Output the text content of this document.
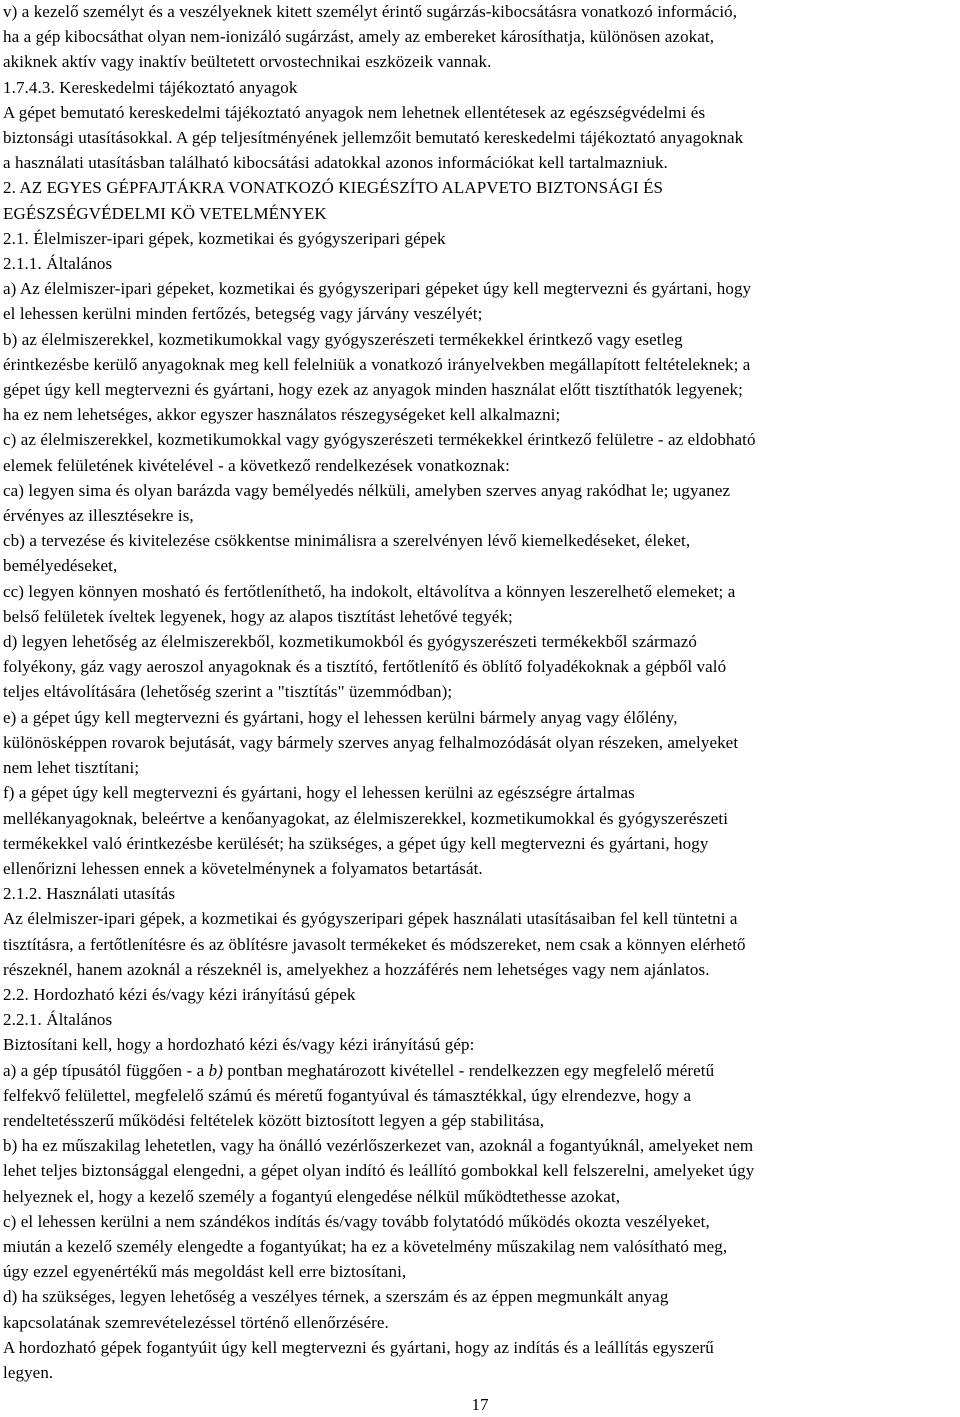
v) a kezelő személyt és a veszélyeknek kitett személyt érintő sugárzás-kibocsátásra vonatkozó információ,

ha a gép kibocsáthat olyan nem-ionizáló sugárzást, amely az embereket károsíthatja, különösen azokat,

akiknek aktív vagy inaktív beültetett orvostechnikai eszközeik vannak.

1.7.4.3. Kereskedelmi tájékoztató anyagok

A gépet bemutató kereskedelmi tájékoztató anyagok nem lehetnek ellentétesek az egészségvédelmi és

biztonsági utasításokkal. A gép teljesítményének jellemzőit bemutató kereskedelmi tájékoztató anyagoknak

a használati utasításban található kibocsátási adatokkal azonos információkat kell tartalmazniuk.

2. AZ EGYES GÉPFAJTÁKRA VONATKOZÓ KIEGÉSZÍTO ALAPVETO BIZTONSÁGI ÉS

EGÉSZSÉGVÉDELMI KÖ VETELMÉNYEK

2.1. Élelmiszer-ipari gépek, kozmetikai és gyógyszeripari gépek

2.1.1. Általános

a) Az élelmiszer-ipari gépeket, kozmetikai és gyógyszeripari gépeket úgy kell megtervezni és gyártani, hogy

el lehessen kerülni minden fertőzés, betegség vagy járvány veszélyét;

b) az élelmiszerekkel, kozmetikumokkal vagy gyógyszerészeti termékekkel érintkező vagy esetleg

érintkezésbe kerülő anyagoknak meg kell felelniük a vonatkozó irányelvekben megállapított feltételeknek; a

gépet úgy kell megtervezni és gyártani, hogy ezek az anyagok minden használat előtt tisztíthatók legyenek;

ha ez nem lehetséges, akkor egyszer használatos részegységeket kell alkalmazni;

c) az élelmiszerekkel, kozmetikumokkal vagy gyógyszerészeti termékekkel érintkező felületre - az eldobható

elemek felületének kivételével - a következő rendelkezések vonatkoznak:

ca) legyen sima és olyan barázda vagy bemélyedés nélküli, amelyben szerves anyag rakódhat le; ugyanez

érvényes az illesztésekre is,

cb) a tervezése és kivitelezése csökkentse minimálisra a szerelvényen lévő kiemelkedéseket, éleket,

bemélyedéseket,

cc) legyen könnyen mosható és fertőtleníthető, ha indokolt, eltávolítva a könnyen leszerelhető elemeket; a

belső felületek íveltek legyenek, hogy az alapos tisztítást lehetővé tegyék;

d) legyen lehetőség az élelmiszerekből, kozmetikumokból és gyógyszerészeti termékekből származó

folyékony, gáz vagy aeroszol anyagoknak és a tisztító, fertőtlenítő és öblítő folyadékoknak a gépből való

teljes eltávolítására (lehetőség szerint a "tisztítás" üzemmódban);

e) a gépet úgy kell megtervezni és gyártani, hogy el lehessen kerülni bármely anyag vagy élőlény,

különösképpen rovarok bejutását, vagy bármely szerves anyag felhalmozódását olyan részeken, amelyeket

nem lehet tisztítani;

f) a gépet úgy kell megtervezni és gyártani, hogy el lehessen kerülni az egészségre ártalmas

mellékanyagoknak, beleértve a kenőanyagokat, az élelmiszerekkel, kozmetikumokkal és gyógyszerészeti

termékekkel való érintkezésbe kerülését; ha szükséges, a gépet úgy kell megtervezni és gyártani, hogy

ellenőrizni lehessen ennek a követelménynek a folyamatos betartását.

2.1.2. Használati utasítás

Az élelmiszer-ipari gépek, a kozmetikai és gyógyszeripari gépek használati utasításaiban fel kell tüntetni a

tisztításra, a fertőtlenítésre és az öblítésre javasolt termékeket és módszereket, nem csak a könnyen elérhető

részeknél, hanem azoknál a részeknél is, amelyekhez a hozzáférés nem lehetséges vagy nem ajánlatos.

2.2. Hordozható kézi és/vagy kézi irányítású gépek

2.2.1. Általános

Biztosítani kell, hogy a hordozható kézi és/vagy kézi irányítású gép:

a) a gép típusától függően - a b) pontban meghatározott kivétellel - rendelkezzen egy megfelelő méretű

felfekvő felülettel, megfelelő számú és méretű fogantyúval és támasztékkal, úgy elrendezve, hogy a

rendeltetésszerű működési feltételek között biztosított legyen a gép stabilitása,

b) ha ez műszakilag lehetetlen, vagy ha önálló vezérlőszerkezet van, azoknál a fogantyúknál, amelyeket nem

lehet teljes biztonsággal elengedni, a gépet olyan indító és leállító gombokkal kell felszerelni, amelyeket úgy

helyeznek el, hogy a kezelő személy a fogantyú elengedése nélkül működtethesse azokat,

c) el lehessen kerülni a nem szándékos indítás és/vagy tovább folytatódó működés okozta veszélyeket,

miután a kezelő személy elengedte a fogantyúkat; ha ez a követelmény műszakilag nem valósítható meg,

úgy ezzel egyenértékű más megoldást kell erre biztosítani,

d) ha szükséges, legyen lehetőség a veszélyes térnek, a szerszám és az éppen megmunkált anyag

kapcsolatának szemrevételezéssel történő ellenőrzésére.

A hordozható gépek fogantyúit úgy kell megtervezni és gyártani, hogy az indítás és a leállítás egyszerű

legyen.

17
